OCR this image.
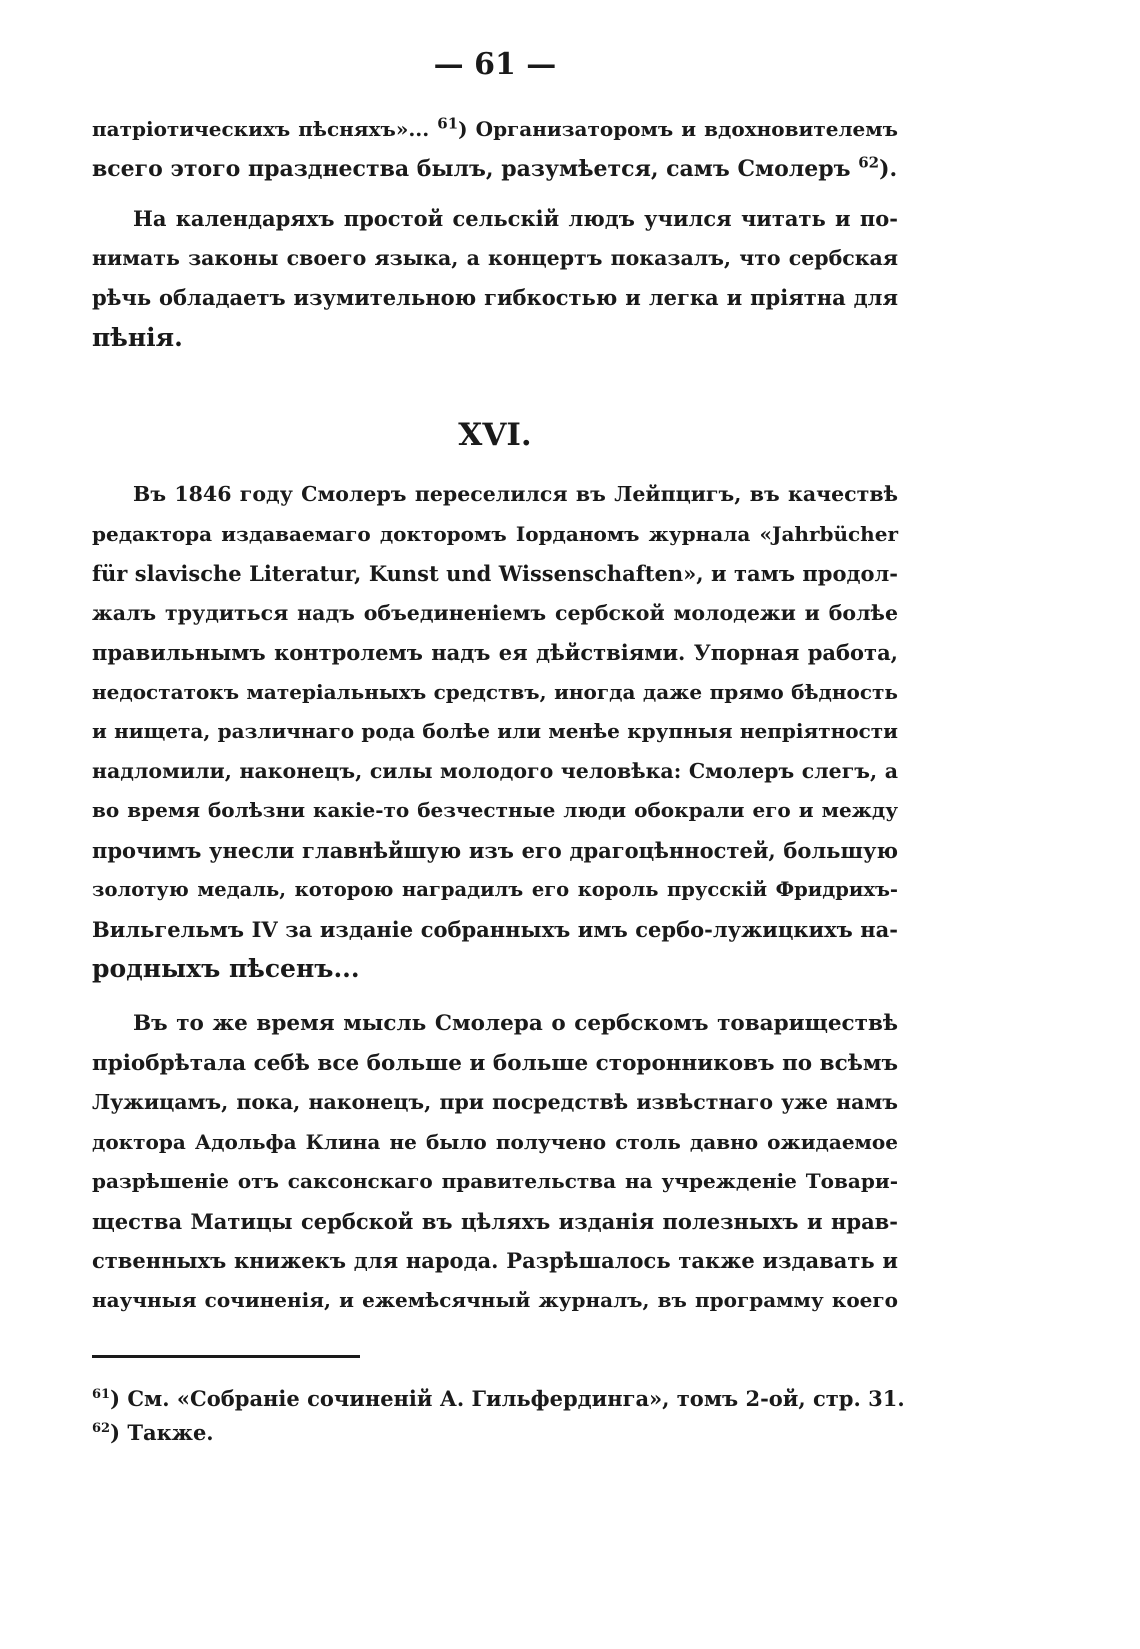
— 61 —
патріотическихъ пѣсняхъ»... $^{61}$) Организаторомъ и вдохновителемъ
всего этого празднества былъ, разумѣется, самъ Смолеръ $^{62}$).
На календаряхъ простой сельскій людъ учился читать и по-
нимать законы своего языка, а концертъ показалъ, что сербская
рѣчь обладаетъ изумительною гибкостью и легка и пріятна для
пѣнія.
XVI.
Въ 1846 году Смолеръ переселился въ Лейпцигъ, въ качествѣ
редактора издаваемаго докторомъ Іорданомъ журнала «Jahrbücher
für slavische Literatur, Kunst und Wissenschaften», и тамъ продол-
жалъ трудиться надъ объединеніемъ сербской молодежи и болѣе
правильнымъ контролемъ надъ ея дѣйствіями. Упорная работа,
недостатокъ матеріальныхъ средствъ, иногда даже прямо бѣдность
и нищета, различнаго рода болѣе или менѣе крупныя непріятности
надломили, наконецъ, силы молодого человѣка: Смолеръ слегъ, а
во время болѣзни какіе-то безчестные люди обокрали его и между
прочимъ унесли главнѣйшую изъ его драгоцѣнностей, большую
золотую медаль, которою наградилъ его король прусскій Фридрихъ-
Вильгельмъ IV за изданіе собранныхъ имъ сербо-лужицкихъ на-
родныхъ пѣсенъ...
Въ то же время мысль Смолера о сербскомъ товариществѣ
пріобрѣтала себѣ все больше и больше сторонниковъ по всѣмъ
Лужицамъ, пока, наконецъ, при посредствѣ извѣстнаго уже намъ
доктора Адольфа Клина не было получено столь давно ожидаемое
разрѣшеніе отъ саксонскаго правительства на учрежденіе Товари-
щества Матицы сербской въ цѣляхъ изданія полезныхъ и нрав-
ственныхъ книжекъ для народа. Разрѣшалось также издавать и
научныя сочиненія, и ежемѣсячный журналъ, въ программу коего
$^{61}$) См. «Собраніе сочиненій А. Гильфердинга», томъ 2-ой, стр. 31.
$^{62}$) Также.
